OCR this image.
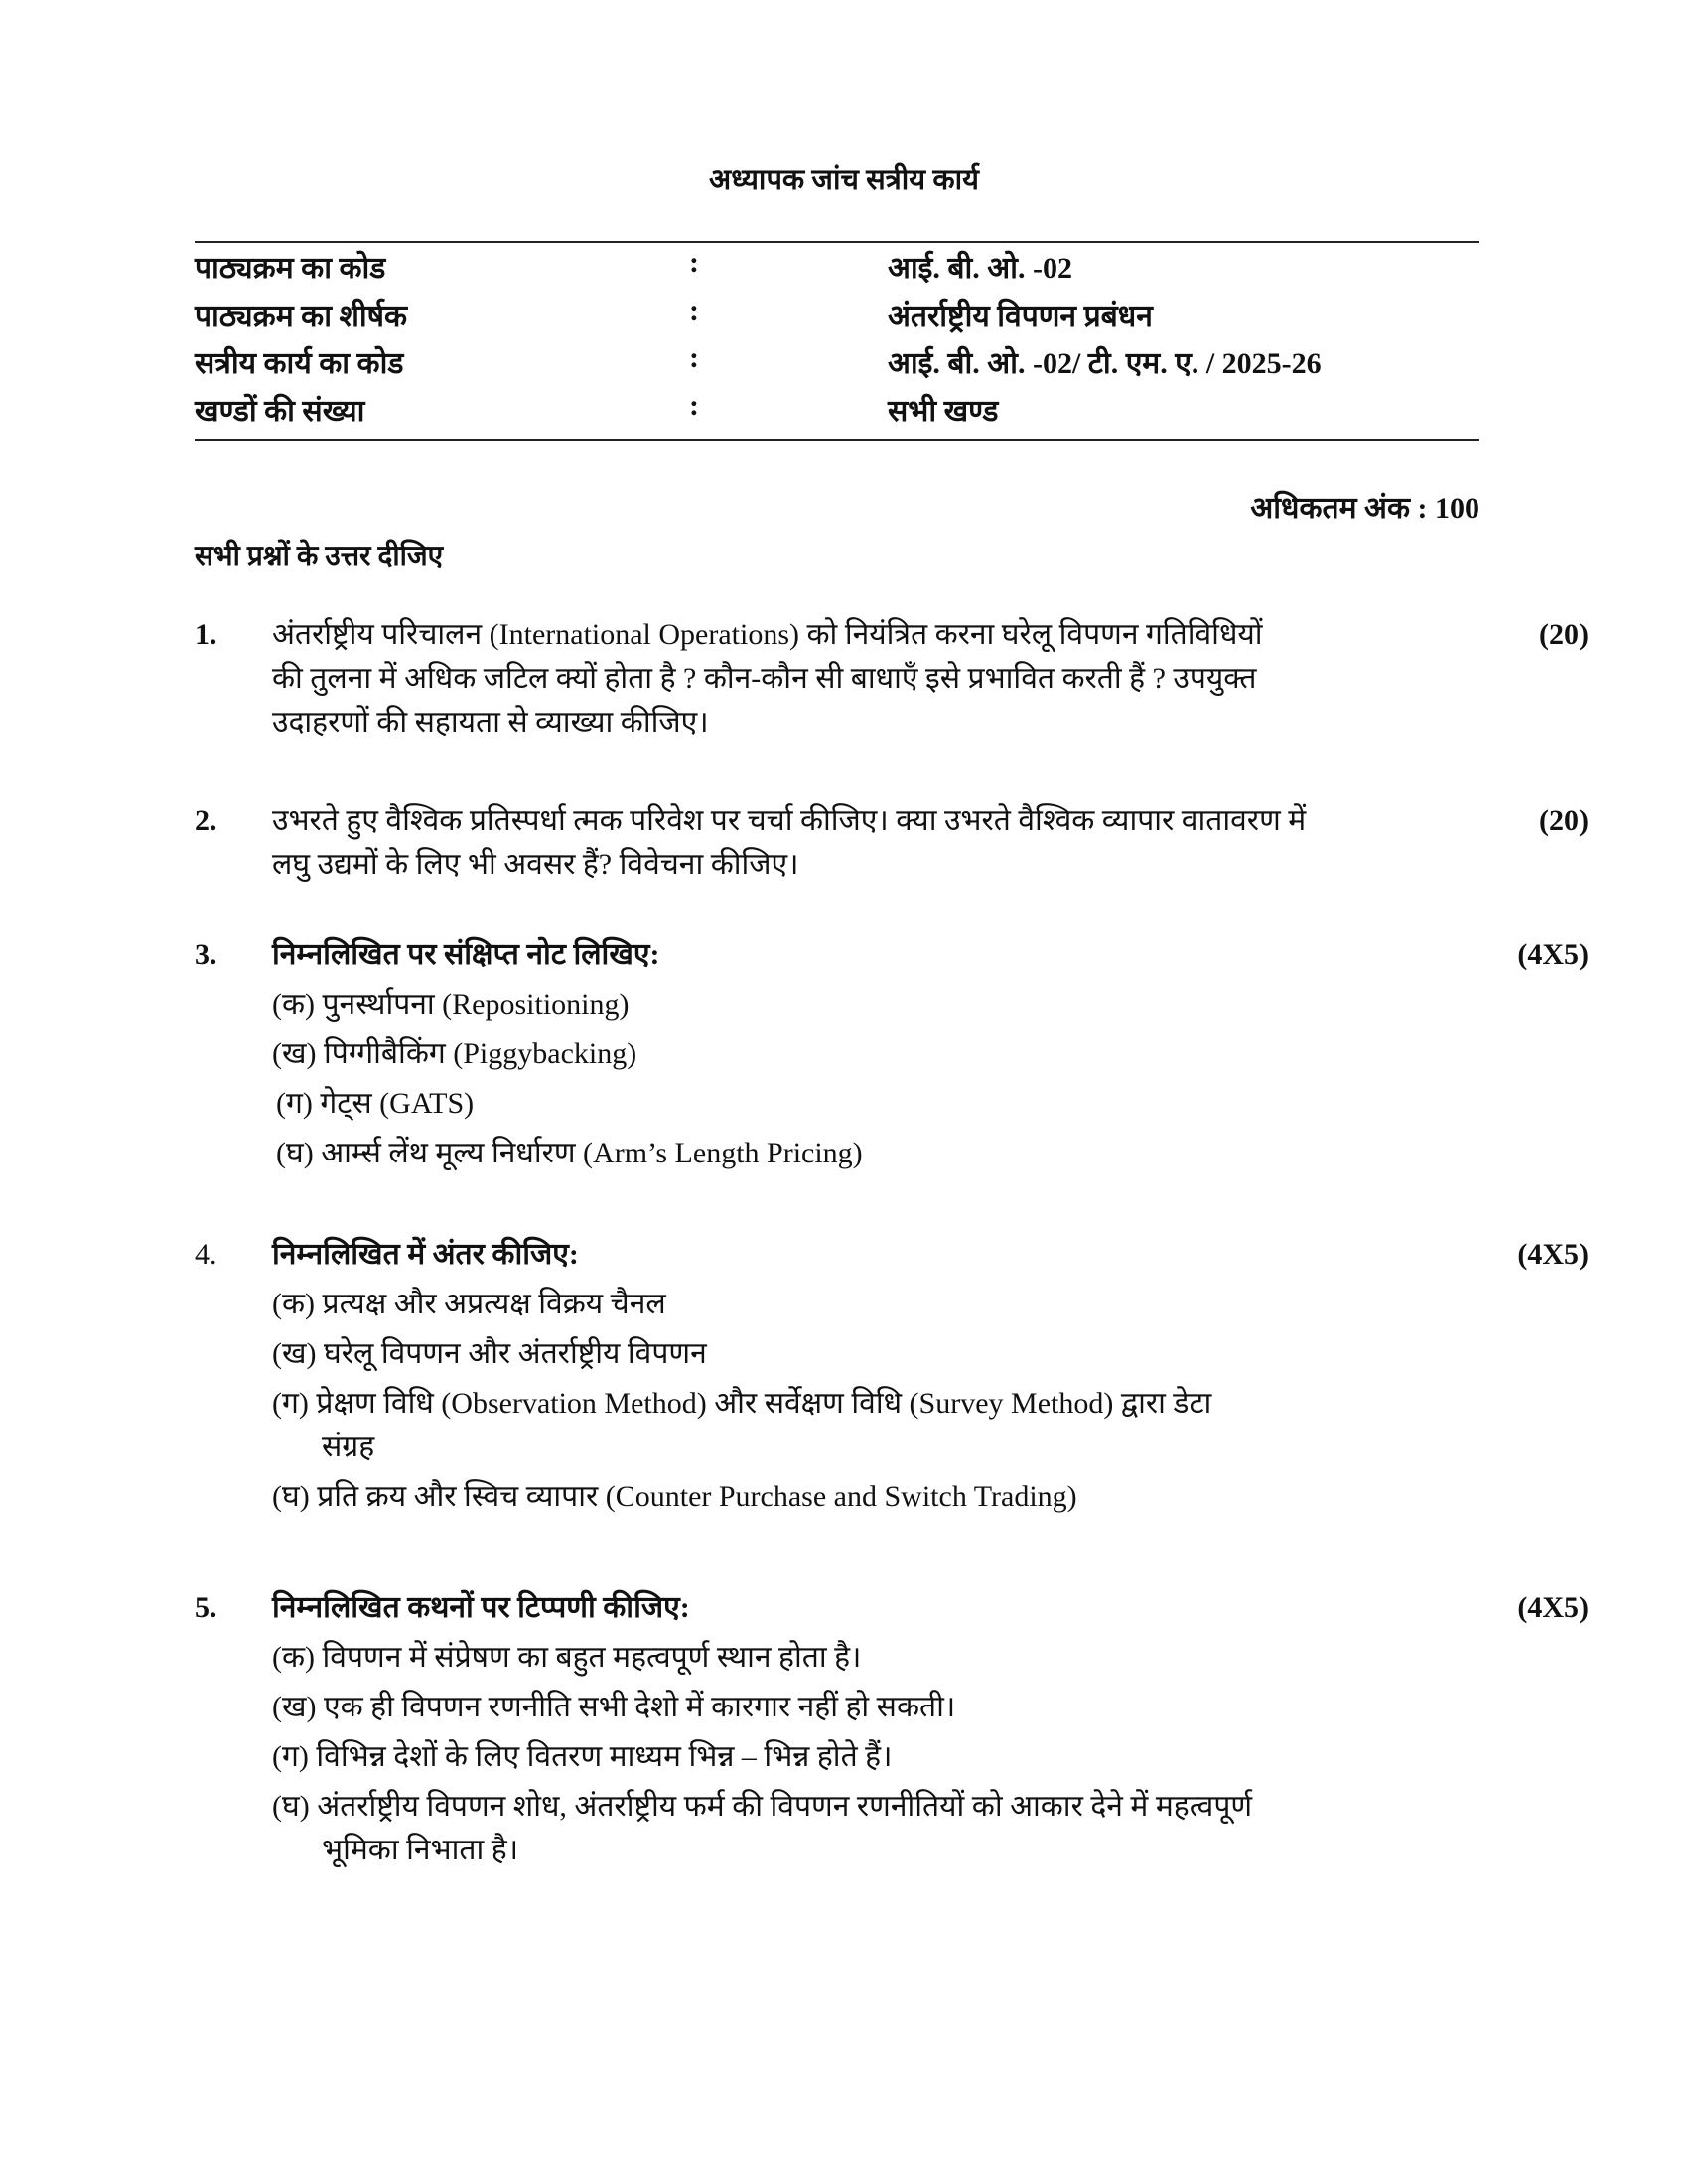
अध्यापक जांच सत्रीय कार्य
पाठ्यक्रम का कोड	:	आई. बी. ओ. -02
पाठ्यक्रम का शीर्षक	:	अंतर्राष्ट्रीय विपणन प्रबंधन
सत्रीय कार्य का कोड	:	आई. बी. ओ. -02/ टी. एम. ए. / 2025-26
खण्डों की संख्या	:	सभी खण्ड
अधिकतम अंक : 100
सभी प्रश्नों के उत्तर दीजिए
1. अंतर्राष्ट्रीय परिचालन (International Operations) को नियंत्रित करना घरेलू विपणन गतिविधियों
की तुलना में अधिक जटिल क्यों होता है ? कौन-कौन सी बाधाएँ इसे प्रभावित करती हैं ? उपयुक्त
उदाहरणों की सहायता से व्याख्या कीजिए।
(20)
2. उभरते हुए वैश्विक प्रतिस्पर्धा त्मक परिवेश पर चर्चा कीजिए। क्या उभरते वैश्विक व्यापार वातावरण में
लघु उद्यमों के लिए भी अवसर हैं? विवेचना कीजिए।
(20)
3. निम्नलिखित पर संक्षिप्त नोट लिखिए:
(क) पुनर्स्थापना (Repositioning)
(ख) पिग्गीबैकिंग (Piggybacking)
(ग) गेट्स (GATS)
(घ) आर्म्स लेंथ मूल्य निर्धारण (Arm’s Length Pricing)
(4X5)
4. निम्नलिखित में अंतर कीजिए:
(क) प्रत्यक्ष और अप्रत्यक्ष विक्रय चैनल
(ख) घरेलू विपणन और अंतर्राष्ट्रीय विपणन
(ग) प्रेक्षण विधि (Observation Method) और सर्वेक्षण विधि (Survey Method) द्वारा डेटा
संग्रह
(घ) प्रति क्रय और स्विच व्यापार (Counter Purchase and Switch Trading)
(4X5)
5. निम्नलिखित कथनों पर टिप्पणी कीजिए:
(क) विपणन में संप्रेषण का बहुत महत्वपूर्ण स्थान होता है।
(ख) एक ही विपणन रणनीति सभी देशो में कारगार नहीं हो सकती।
(ग) विभिन्न देशों के लिए वितरण माध्यम भिन्न – भिन्न होते हैं।
(घ) अंतर्राष्ट्रीय विपणन शोध, अंतर्राष्ट्रीय फर्म की विपणन रणनीतियों को आकार देने में महत्वपूर्ण
भूमिका निभाता है।
(4X5)
